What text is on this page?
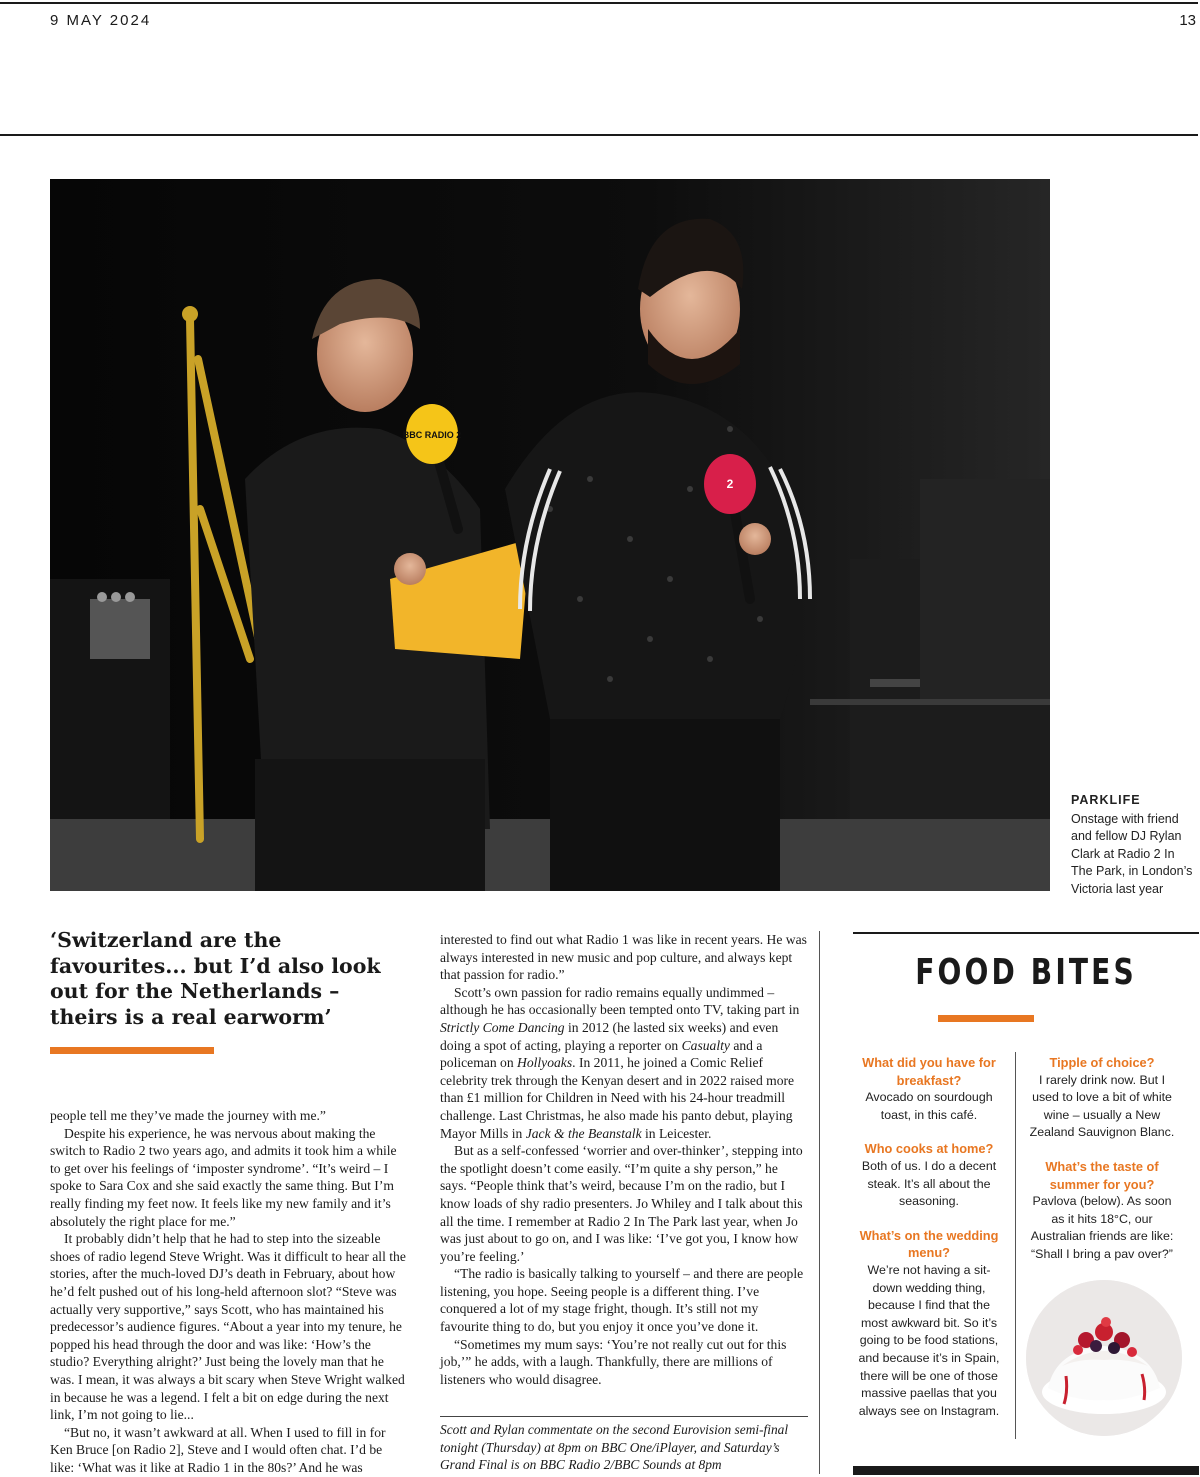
9 MAY 2024	13
BBC RADIO 2
2
PARKLIFE
Onstage with friend and fellow DJ Rylan Clark at Radio 2 In The Park, in London’s Victoria last year
‘Switzerland are the favourites... but I’d also look out for the Netherlands – theirs is a real earworm’

people tell me they’ve made the journey with me.”

Despite his experience, he was nervous about making the switch to Radio 2 two years ago, and admits it took him a while to get over his feelings of ‘imposter syndrome’. “It’s weird – I spoke to Sara Cox and she said exactly the same thing. But I’m really finding my feet now. It feels like my new family and it’s absolutely the right place for me.”

It probably didn’t help that he had to step into the sizeable shoes of radio legend Steve Wright. Was it difficult to hear all the stories, after the much-loved DJ’s death in February, about how he’d felt pushed out of his long-held afternoon slot? “Steve was actually very supportive,” says Scott, who has maintained his predecessor’s audience figures. “About a year into my tenure, he popped his head through the door and was like: ‘How’s the studio? Everything alright?’ Just being the lovely man that he was. I mean, it was always a bit scary when Steve Wright walked in because he was a legend. I felt a bit on edge during the next link, I’m not going to lie...

“But no, it wasn’t awkward at all. When I used to fill in for Ken Bruce [on Radio 2], Steve and I would often chat. I’d be like: ‘What was it like at Radio 1 in the 80s?’ And he was

interested to find out what Radio 1 was like in recent years. He was always interested in new music and pop culture, and always kept that passion for radio.”

Scott’s own passion for radio remains equally undimmed – although he has occasionally been tempted onto TV, taking part in Strictly Come Dancing in 2012 (he lasted six weeks) and even doing a spot of acting, playing a reporter on Casualty and a policeman on Hollyoaks. In 2011, he joined a Comic Relief celebrity trek through the Kenyan desert and in 2022 raised more than £1 million for Children in Need with his 24-hour treadmill challenge. Last Christmas, he also made his panto debut, playing Mayor Mills in Jack & the Beanstalk in Leicester.

But as a self-confessed ‘worrier and over-thinker’, stepping into the spotlight doesn’t come easily. “I’m quite a shy person,” he says. “People think that’s weird, because I’m on the radio, but I know loads of shy radio presenters. Jo Whiley and I talk about this all the time. I remember at Radio 2 In The Park last year, when Jo was just about to go on, and I was like: ‘I’ve got you, I know how you’re feeling.’

“The radio is basically talking to yourself – and there are people listening, you hope. Seeing people is a different thing. I’ve conquered a lot of my stage fright, though. It’s still not my favourite thing to do, but you enjoy it once you’ve done it.

“Sometimes my mum says: ‘You’re not really cut out for this job,’” he adds, with a laugh. Thankfully, there are millions of listeners who would disagree.

Scott and Rylan commentate on the second Eurovision semi-final tonight (Thursday) at 8pm on BBC One/iPlayer, and Saturday’s Grand Final is on BBC Radio 2/BBC Sounds at 8pm
FOOD BITES
What did you have for breakfast?
Avocado on sourdough toast, in this café.
Who cooks at home?
Both of us. I do a decent steak. It’s all about the seasoning.
What’s on the wedding menu?
We’re not having a sit-down wedding thing, because I find that the most awkward bit. So it’s going to be food stations, and because it’s in Spain, there will be one of those massive paellas that you always see on Instagram.
Tipple of choice?
I rarely drink now. But I used to love a bit of white wine – usually a New Zealand Sauvignon Blanc.
What’s the taste of summer for you?
Pavlova (below). As soon as it hits 18°C, our Australian friends are like: “Shall I bring a pav over?”
